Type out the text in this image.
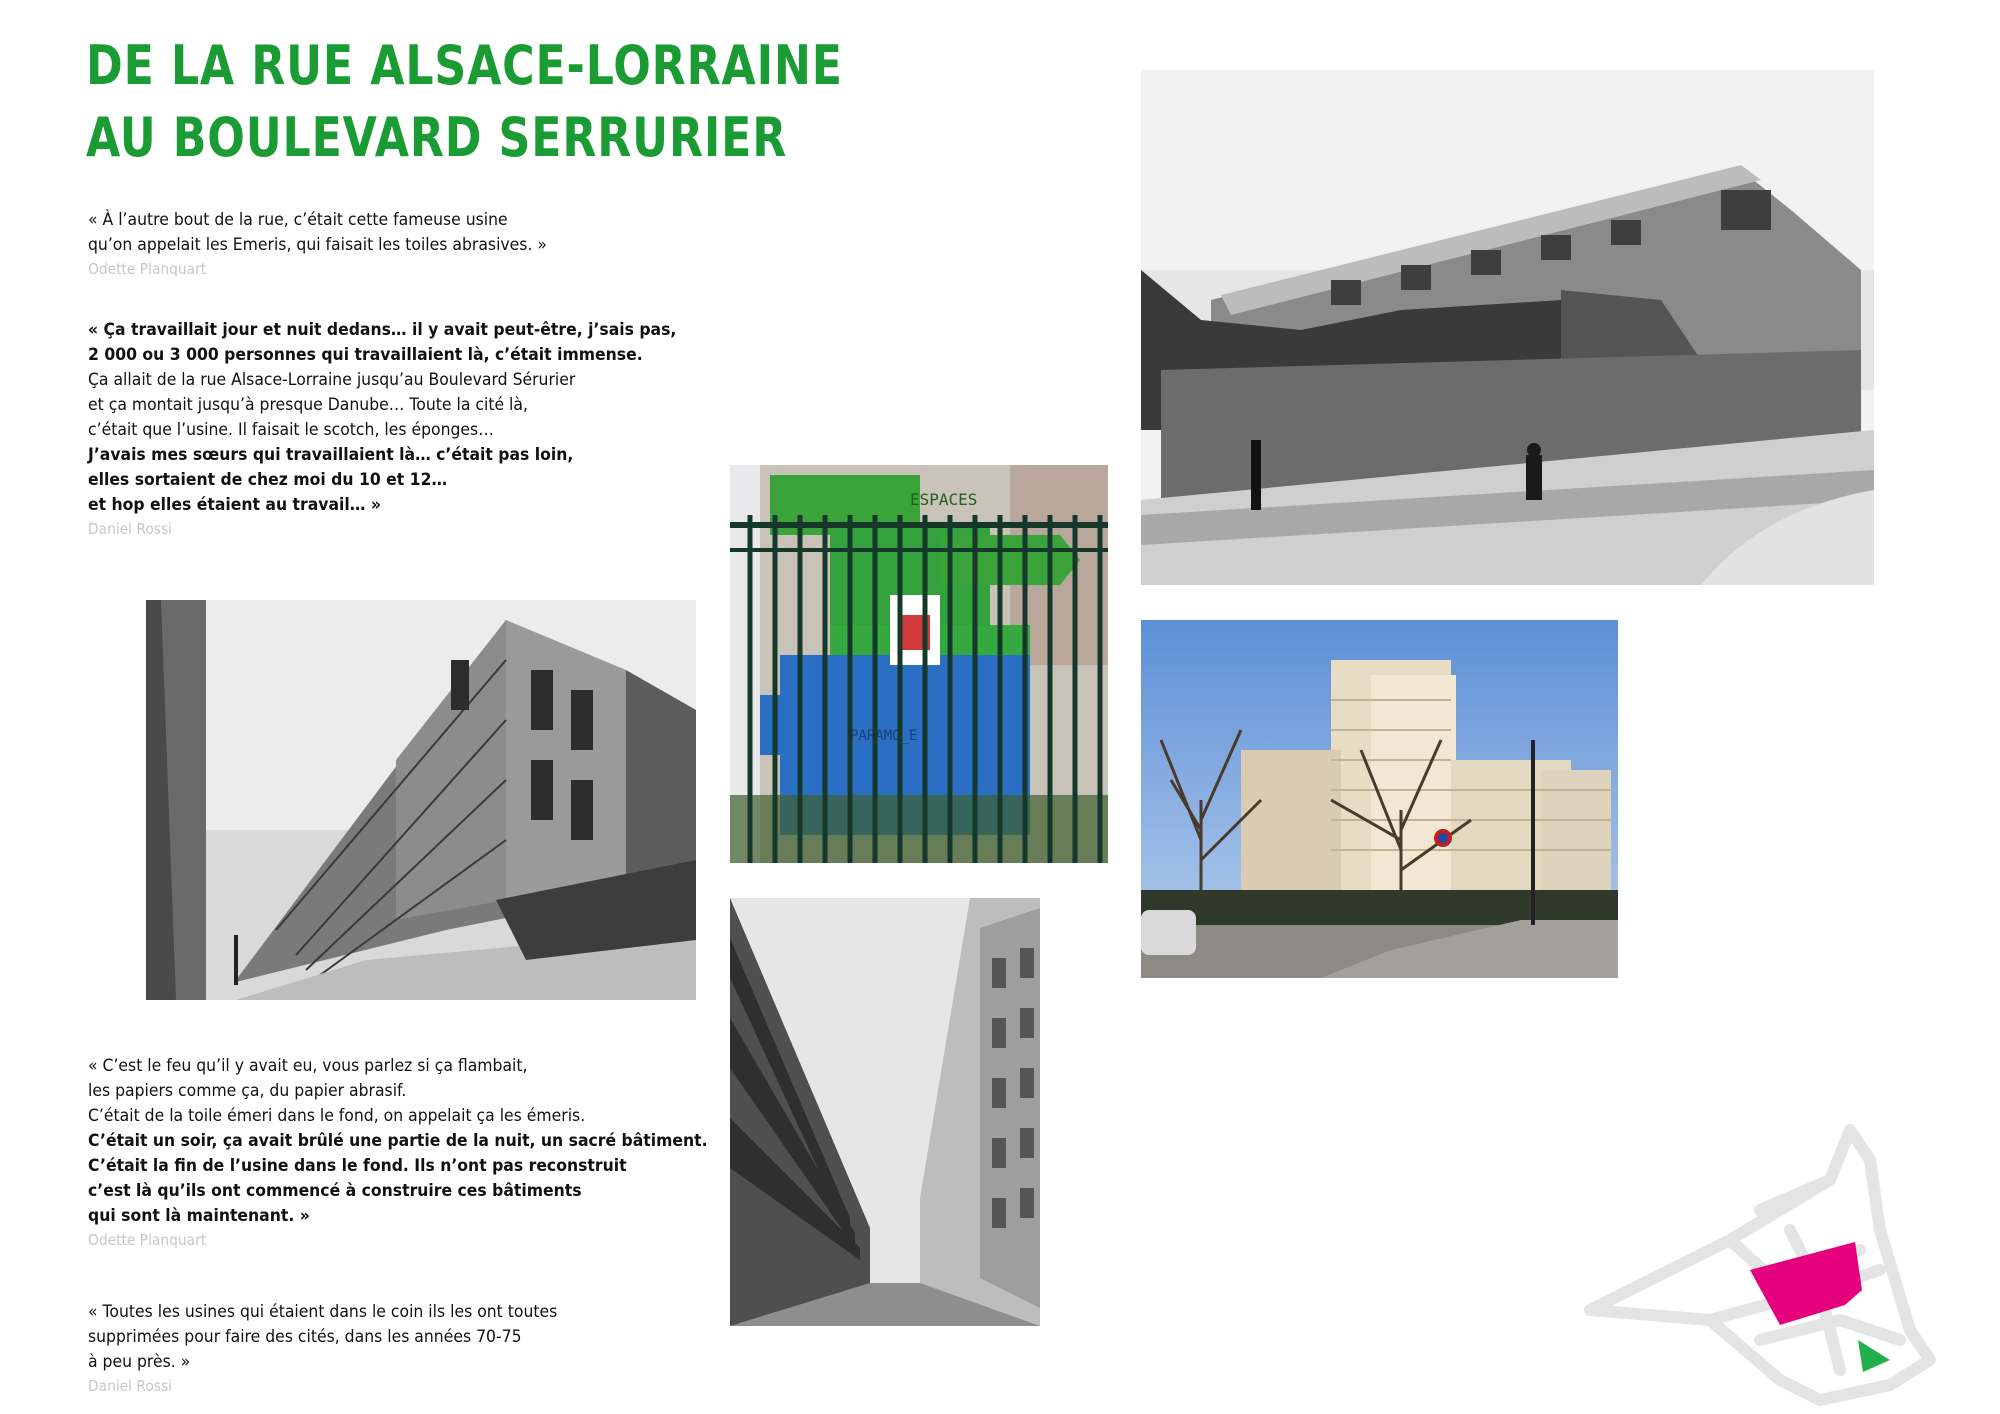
DE LA RUE ALSACE-LORRAINE
AU BOULEVARD SERRURIER
« À l’autre bout de la rue, c’était cette fameuse usine
qu’on appelait les Emeris, qui faisait les toiles abrasives. »
Odette Planquart
« Ça travaillait jour et nuit dedans… il y avait peut-être, j’sais pas,
2 000 ou 3 000 personnes qui travaillaient là, c’était immense.
Ça allait de la rue Alsace-Lorraine jusqu’au Boulevard Sérurier
et ça montait jusqu’à presque Danube… Toute la cité là,
c’était que l’usine. Il faisait le scotch, les éponges…
J’avais mes sœurs qui travaillaient là… c’était pas loin,
elles sortaient de chez moi du 10 et 12…
et hop elles étaient au travail… »
Daniel Rossi
« C’est le feu qu’il y avait eu, vous parlez si ça flambait,
les papiers comme ça, du papier abrasif.
C’était de la toile émeri dans le fond, on appelait ça les émeris.
C’était un soir, ça avait brûlé une partie de la nuit, un sacré bâtiment.
C’était la fin de l’usine dans le fond. Ils n’ont pas reconstruit
c’est là qu’ils ont commencé à construire ces bâtiments
qui sont là maintenant. »
Odette Planquart
« Toutes les usines qui étaient dans le coin ils les ont toutes
supprimées pour faire des cités, dans les années 70-75
à peu près. »
Daniel Rossi
ESPACES
PARAMO_E
